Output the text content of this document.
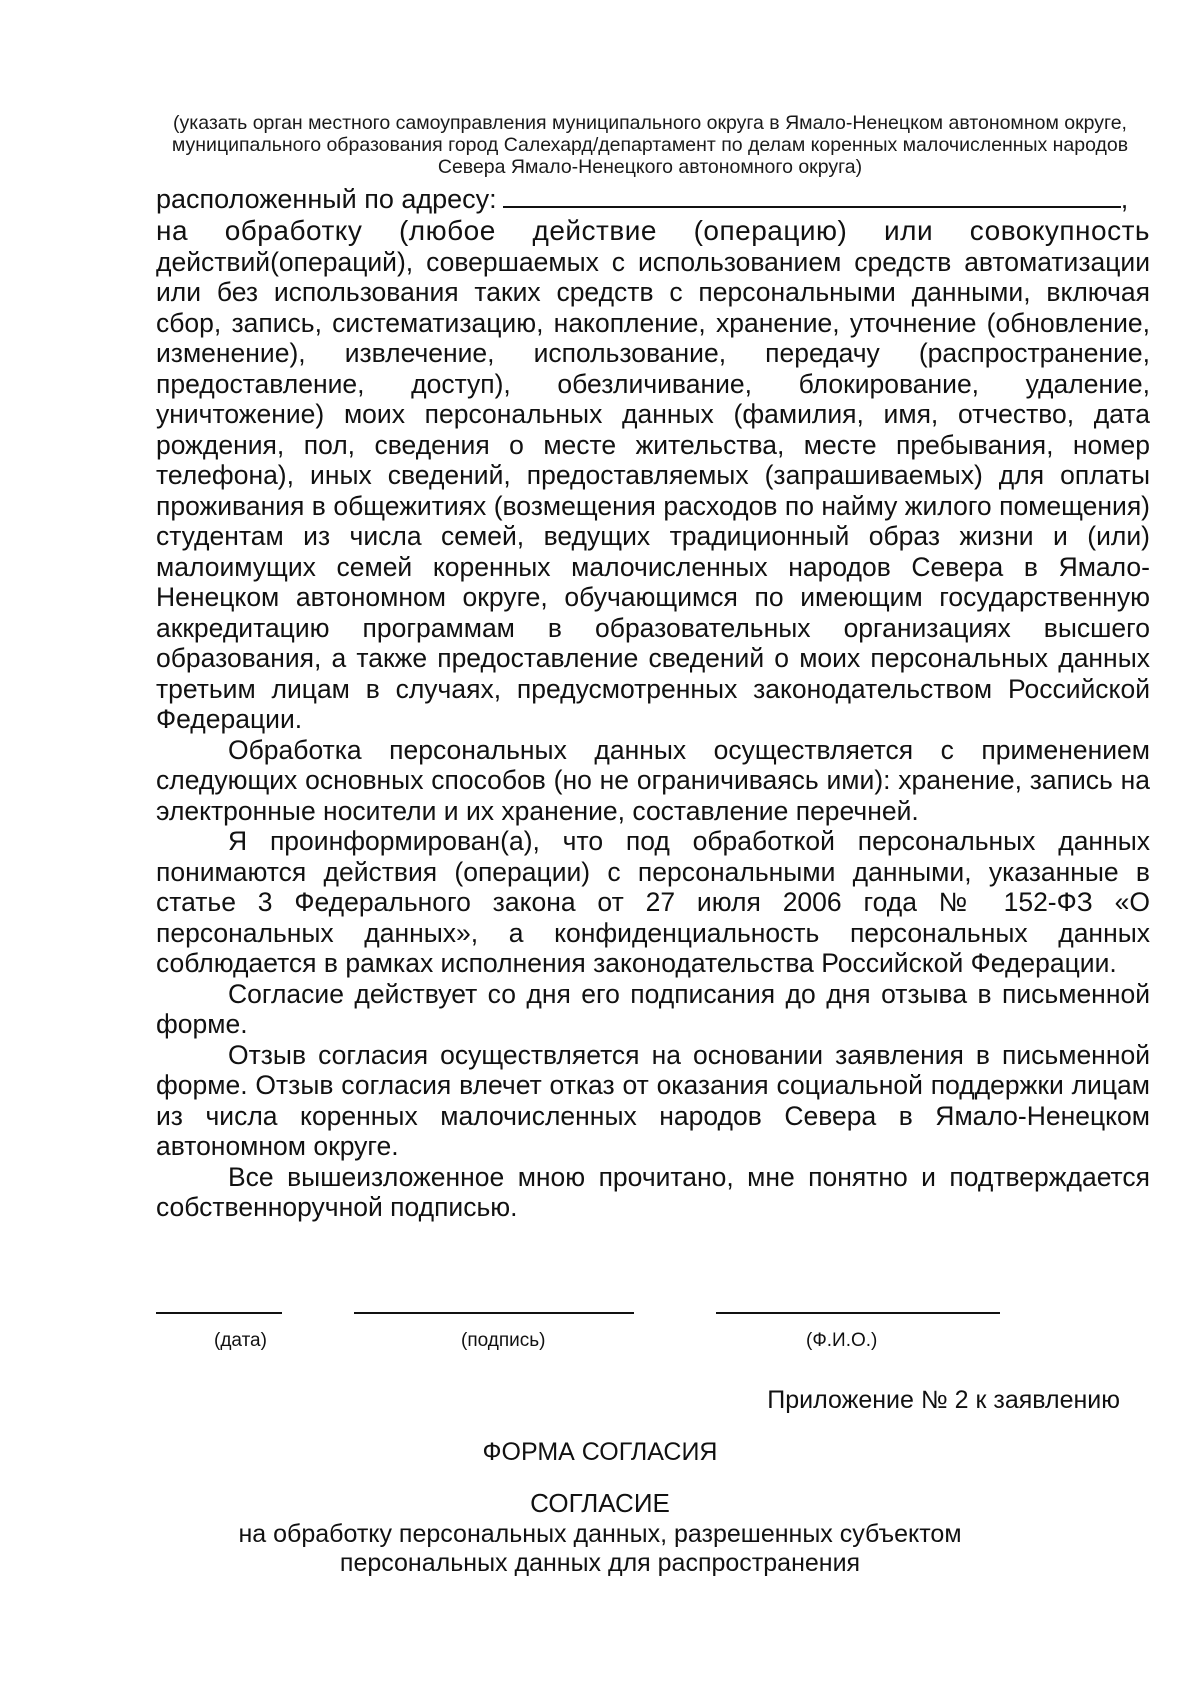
(указать орган местного самоуправления муниципального округа в Ямало-Ненецком автономном округе,
муниципального образования город Салехард/департамент по делам коренных малочисленных народов
Севера Ямало-Ненецкого автономного округа)
расположенный по адресу:	,

на обработку (любое действие (операцию) или совокупность
действий(операций), совершаемых с использованием средств автоматизации или без использования таких средств с персональными данными, включая сбор, запись, систематизацию, накопление, хранение, уточнение (обновление, изменение), извлечение, использование, передачу (распространение, предоставление, доступ), обезличивание, блокирование, удаление, уничтожение) моих персональных данных (фамилия, имя, отчество, дата рождения, пол, сведения о месте жительства, месте пребывания, номер телефона), иных сведений, предоставляемых (запрашиваемых) для оплаты проживания в общежитиях (возмещения расходов по найму жилого помещения) студентам из числа семей, ведущих традиционный образ жизни и (или) малоимущих семей коренных малочисленных народов Севера в Ямало-Ненецком автономном округе, обучающимся по имеющим государственную аккредитацию программам в образовательных организациях высшего образования, а также предоставление сведений о моих персональных данных третьим лицам в случаях, предусмотренных законодательством Российской Федерации.

Обработка персональных данных осуществляется с применением следующих основных способов (но не ограничиваясь ими): хранение, запись на электронные носители и их хранение, составление перечней.

Я проинформирован(а), что под обработкой персональных данных понимаются действия (операции) с персональными данными, указанные в статье 3 Федерального закона от 27 июля 2006 года № 152-ФЗ «О персональных данных», а конфиденциальность персональных данных соблюдается в рамках исполнения законодательства Российской Федерации.

Согласие действует со дня его подписания до дня отзыва в письменной форме.

Отзыв согласия осуществляется на основании заявления в письменной форме. Отзыв согласия влечет отказ от оказания социальной поддержки лицам из числа коренных малочисленных народов Севера в Ямало-Ненецком автономном округе.

Все вышеизложенное мною прочитано, мне понятно и подтверждается собственноручной подписью.

(дата)	(подпись)	(Ф.И.О.)
Приложение № 2 к заявлению
ФОРМА СОГЛАСИЯ
СОГЛАСИЕ
на обработку персональных данных, разрешенных субъектом
персональных данных для распространения
